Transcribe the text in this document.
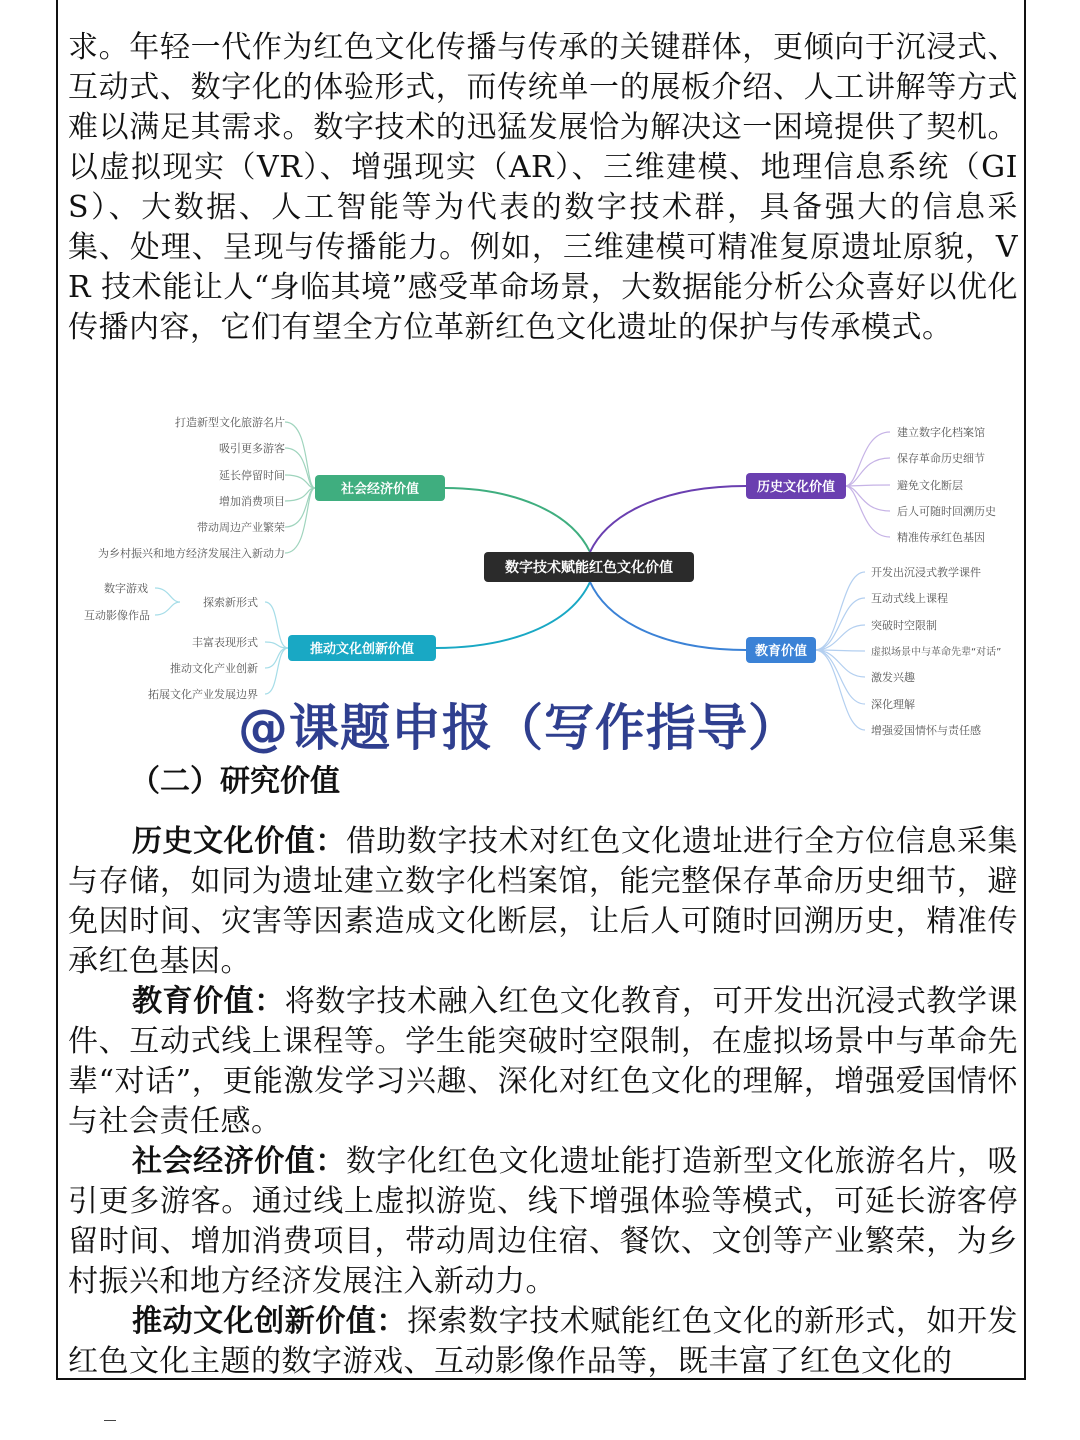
求。年轻一代作为红色文化传播与传承的关键群体，更倾向于沉浸式、互动式、数字化的体验形式，而传统单一的展板介绍、人工讲解等方式难以满足其需求。数字技术的迅猛发展恰为解决这一困境提供了契机。以虚拟现实（VR）、增强现实（AR）、三维建模、地理信息系统（GIS）、大数据、人工智能等为代表的数字技术群，具备强大的信息采集、处理、呈现与传播能力。例如，三维建模可精准复原遗址原貌，VR 技术能让人“身临其境”感受革命场景，大数据能分析公众喜好以优化传播内容，它们有望全方位革新红色文化遗址的保护与传承模式。

数字技术赋能红色文化价值
社会经济价值	历史文化价值
推动文化创新价值	教育价值
打造新型文化旅游名片
吸引更多游客
延长停留时间
增加消费项目
带动周边产业繁荣
为乡村振兴和地方经济发展注入新动力
建立数字化档案馆
保存革命历史细节
避免文化断层
后人可随时回溯历史
精准传承红色基因
探索新形式
数字游戏
互动影像作品
丰富表现形式
推动文化产业创新
拓展文化产业发展边界
开发出沉浸式教学课件
互动式线上课程
突破时空限制
虚拟场景中与革命先辈“对话”
激发兴趣
深化理解
增强爱国情怀与责任感
@课题申报（写作指导）
（二）研究价值

历史文化价值：借助数字技术对红色文化遗址进行全方位信息采集与存储，如同为遗址建立数字化档案馆，能完整保存革命历史细节，避免因时间、灾害等因素造成文化断层，让后人可随时回溯历史，精准传承红色基因。

教育价值：将数字技术融入红色文化教育，可开发出沉浸式教学课件、互动式线上课程等。学生能突破时空限制，在虚拟场景中与革命先辈“对话”，更能激发学习兴趣、深化对红色文化的理解，增强爱国情怀与社会责任感。

社会经济价值：数字化红色文化遗址能打造新型文化旅游名片，吸引更多游客。通过线上虚拟游览、线下增强体验等模式，可延长游客停留时间、增加消费项目，带动周边住宿、餐饮、文创等产业繁荣，为乡村振兴和地方经济发展注入新动力。

推动文化创新价值：探索数字技术赋能红色文化的新形式，如开发红色文化主题的数字游戏、互动影像作品等，既丰富了红色文化的
